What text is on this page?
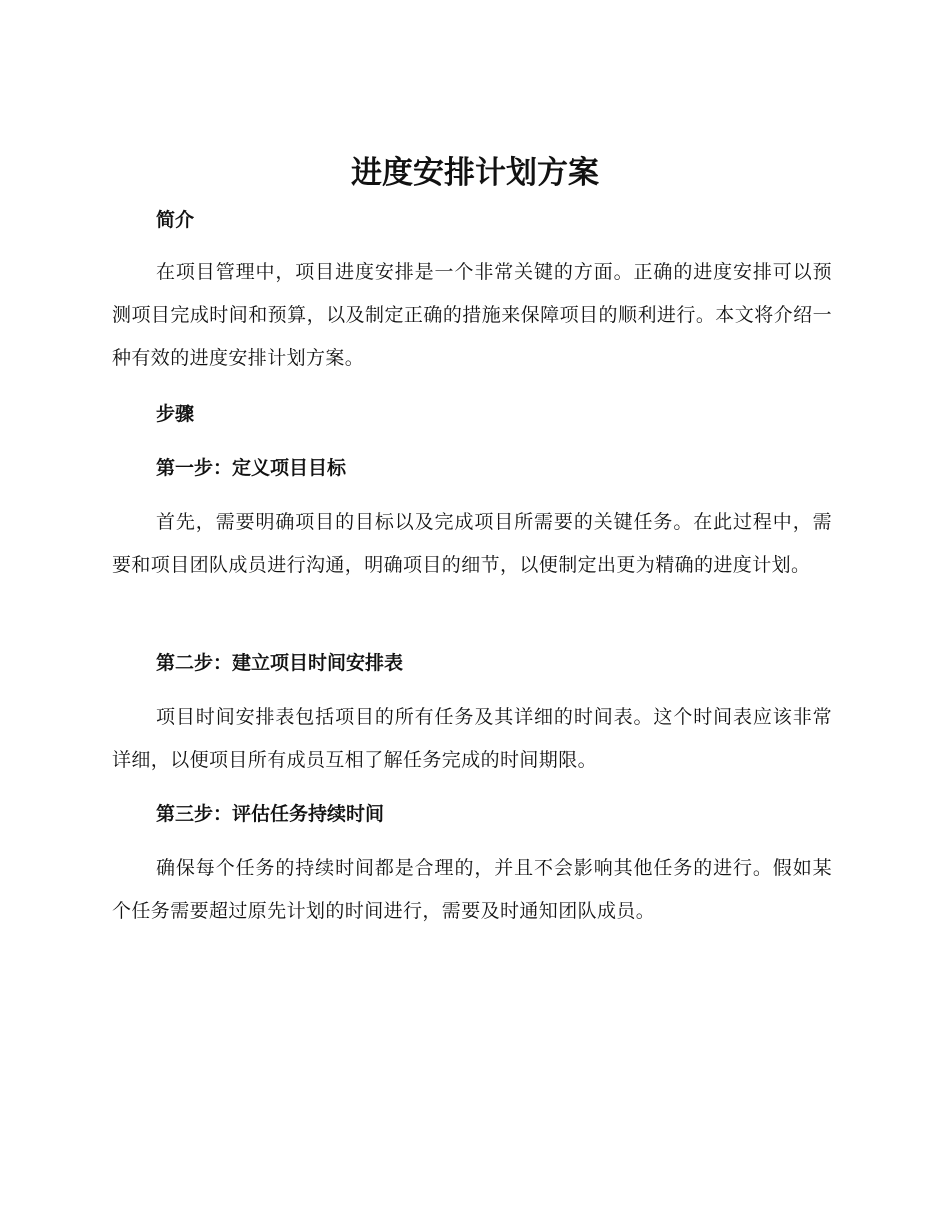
进度安排计划方案
简介

在项目管理中，项目进度安排是一个非常关键的方面。正确的进度安排可以预测项目完成时间和预算，以及制定正确的措施来保障项目的顺利进行。本文将介绍一种有效的进度安排计划方案。

步骤
第一步：定义项目目标

首先，需要明确项目的目标以及完成项目所需要的关键任务。在此过程中，需要和项目团队成员进行沟通，明确项目的细节，以便制定出更为精确的进度计划。

第二步：建立项目时间安排表

项目时间安排表包括项目的所有任务及其详细的时间表。这个时间表应该非常详细，以便项目所有成员互相了解任务完成的时间期限。

第三步：评估任务持续时间

确保每个任务的持续时间都是合理的，并且不会影响其他任务的进行。假如某个任务需要超过原先计划的时间进行，需要及时通知团队成员。
